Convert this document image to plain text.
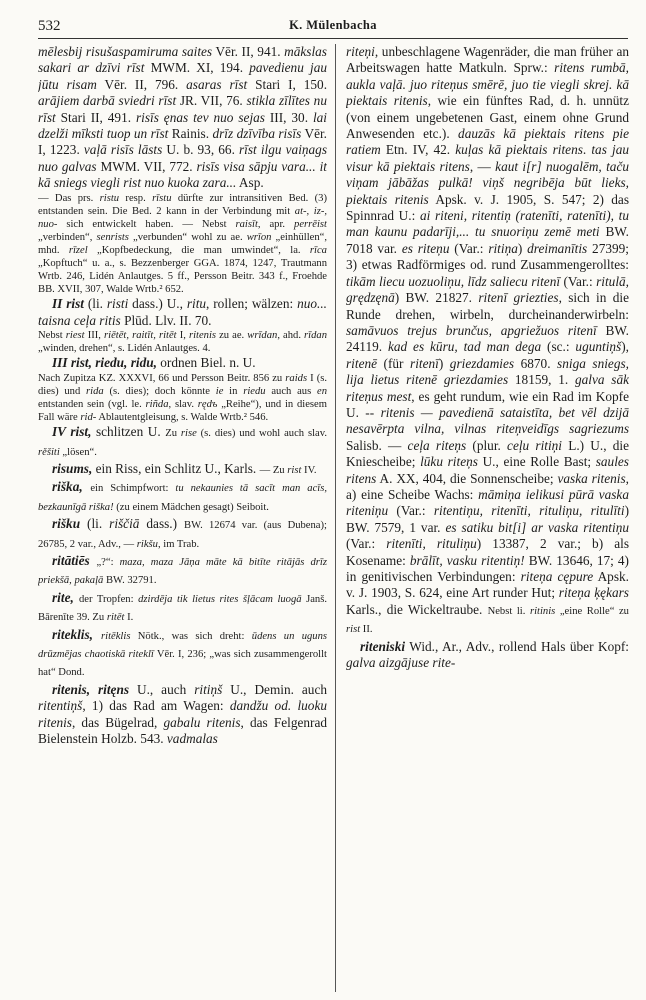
532	K. Mülenbacha

mēlesbij risušaspamiruma saites Vēr. II, 941. mākslas sakari ar dzīvi rīst MWM. XI, 194. pavedienu jau jūtu risam Vēr. II, 796. asaras rīst Stari I, 150. arājiem darbā sviedri rīst JR. VII, 76. stikla zīlītes nu rīst Stari II, 491. risīs ęnas tev nuo sejas III, 30. lai dzelži mīksti tuop un rīst Rainis. drīz dzīvība risīs Vēr. I, 1223. vaļā risīs lāsts U. b. 93, 66. rīst ilgu vaiņags nuo galvas MWM. VII, 772. risīs visa sāpju vara... it kā sniegs viegli rist nuo kuoka zara... Asp.

— Das prs. ristu resp. rīstu dürfte zur intransitiven Bed. (3) entstanden sein. Die Bed. 2 kann in der Verbindung mit at-, iz-, nuo- sich entwickelt haben. — Nebst raisīt, apr. perrēist „verbinden“, senrists „verbunden“ wohl zu ae. wrīon „einhüllen“, mhd. rīzel „Kopfbedeckung, die man umwindet“, la. rīca „Kopftuch“ u. a., s. Bezzenberger GGA. 1874, 1247, Trautmann Wrtb. 246, Lidén Anlautges. 5 ff., Persson Beitr. 343 f., Froehde BB. XVII, 307, Walde Wrtb.² 652.

II rist (li. risti dass.) U., ritu, rollen; wälzen: nuo... taisna ceļa ritis Plūd. Llv. II. 70.

Nebst riest III, riētēt, raitīt, ritēt I, ritenis zu ae. wrīdan, ahd. rīdan „winden, drehen“, s. Lidén Anlautges. 4.

III rist, riedu, ridu, ordnen Biel. n. U.

Nach Zupitza KZ. XXXVI, 66 und Persson Beitr. 856 zu raids I (s. dies) und rida (s. dies); doch könnte ie in riedu auch aus en entstanden sein (vgl. le. riñda, slav. rędъ „Reihe“), und in diesem Fall wäre rid- Ablautentgleisung, s. Walde Wrtb.² 546.

IV rist, schlitzen U. Zu rise (s. dies) und wohl auch slav. rěšiti „lösen“.

risums, ein Riss, ein Schlitz U., Karls. — Zu rist IV.

riška, ein Schimpfwort: tu nekaunies tā sacīt man acīs, bezkaunīgā riška! (zu einem Mädchen gesagt) Seiboit.

rišku (li. riščiā dass.) BW. 12674 var. (aus Dubena); 26785, 2 var., Adv., — rikšu, im Trab.

ritātiēs „?“: maza, maza Jāņa māte kā bitīte ritājās drīz priekšā, pakaļā BW. 32791.

rite, der Tropfen: dzirdēja tik lietus rites šļācam luogā Janš. Bārenīte 39. Zu ritēt I.

riteklis, ritēklis Nötk., was sich dreht: ūdens un uguns drūzmējas chaotiskā riteklī Vēr. I, 236; „was sich zusammengerollt hat“ Dond.

ritenis, ritęns U., auch ritiņš U., Demin. auch ritentiņš, 1) das Rad am Wagen: dandžu od. luoku ritenis, das Bügelrad, gabalu ritenis, das Felgenrad Bielenstein Holzb. 543. vadmalas

riteņi, unbeschlagene Wagenräder, die man früher an Arbeitswagen hatte Matkuln. Sprw.: ritens rumbā, aukla vaļā. juo riteņus smērē, juo tie viegli skrej. kā piektais ritenis, wie ein fünftes Rad, d. h. unnütz (von einem ungebetenen Gast, einem ohne Grund Anwesenden etc.). dauzās kā piektais ritens pie ratiem Etn. IV, 42. kuļas kā piektais ritens. tas jau visur kā piektais ritens, — kaut i[r] nuogalēm, taču viņam jābāžas pulkā! viņš negribēja būt lieks, piektais ritenis Apsk. v. J. 1905, S. 547; 2) das Spinnrad U.: ai riteni, ritentiņ (ratenīti, ratenīti), tu man kaunu padarīji,... tu snuoriņu zemē meti BW. 7018 var. es riteņu (Var.: ritiņa) dreimanītis 27399; 3) etwas Radförmiges od. rund Zusammengerolltes: tikām liecu uozuoliņu, līdz saliecu ritenī (Var.: ritulā, grędzęnā) BW. 21827. ritenī griezties, sich in die Runde drehen, wirbeln, durcheinanderwirbeln: samāvuos trejus brunčus, apgriežuos ritenī BW. 24119. kad es kūru, tad man dega (sc.: uguntiņš), ritenē (für ritenī) griezdamies 6870. sniga sniegs, lija lietus ritenē griezdamies 18159, 1. galva sāk riteņus mest, es geht rundum, wie ein Rad im Kopfe U. -- ritenis — pavedienā sataistīta, bet vēl dzijā nesavērpta vilna, vilnas riteņveidīgs sagriezums Salisb. — ceļa riteņs (plur. ceļu ritiņi L.) U., die Kniescheibe; lūku riteņs U., eine Rolle Bast; saules ritens A. XX, 404, die Sonnenscheibe; vaska ritenis, a) eine Scheibe Wachs: māmiņa ielikusi pūrā vaska riteniņu (Var.: ritentiņu, ritenīti, rituliņu, ritulīti) BW. 7579, 1 var. es satiku bit[i] ar vaska ritentiņu (Var.: ritenīti, rituliņu) 13387, 2 var.; b) als Kosename: brālīt, vasku ritentiņ! BW. 13646, 17; 4) in genitivischen Verbindungen: riteņa cępure Apsk. v. J. 1903, S. 624, eine Art runder Hut; riteņa ķękars Karls., die Wickeltraube. Nebst li. ritinis „eine Rolle“ zu rist II.

riteniski Wid., Ar., Adv., rollend Hals über Kopf: galva aizgājuse rite-
